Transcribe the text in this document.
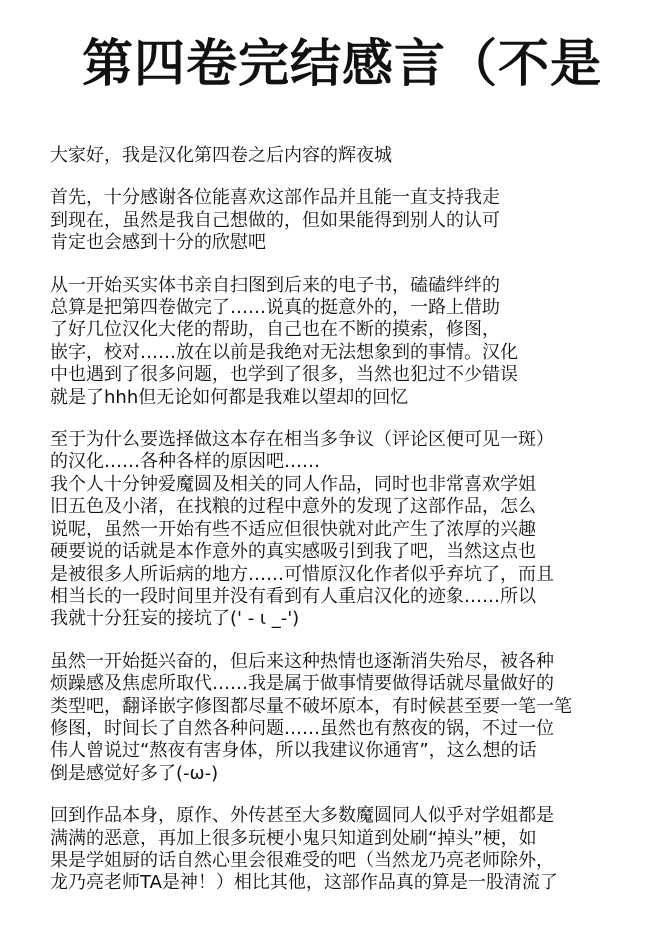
第四卷完结感言（不是
大家好，我是汉化第四卷之后内容的辉夜城
首先，十分感谢各位能喜欢这部作品并且能一直支持我走
到现在，虽然是我自己想做的，但如果能得到别人的认可
肯定也会感到十分的欣慰吧
从一开始买实体书亲自扫图到后来的电子书，磕磕绊绊的
总算是把第四卷做完了……说真的挺意外的，一路上借助
了好几位汉化大佬的帮助，自己也在不断的摸索，修图，
嵌字，校对……放在以前是我绝对无法想象到的事情。汉化
中也遇到了很多问题，也学到了很多，当然也犯过不少错误
就是了hhh但无论如何都是我难以望却的回忆
至于为什么要选择做这本存在相当多争议（评论区便可见一斑）
的汉化……各种各样的原因吧……
我个人十分钟爱魔圆及相关的同人作品，同时也非常喜欢学姐
旧五色及小渚，在找粮的过程中意外的发现了这部作品，怎么
说呢，虽然一开始有些不适应但很快就对此产生了浓厚的兴趣
硬要说的话就是本作意外的真实感吸引到我了吧，当然这点也
是被很多人所诟病的地方……可惜原汉化作者似乎弃坑了，而且
相当长的一段时间里并没有看到有人重启汉化的迹象……所以
我就十分狂妄的接坑了(' - ι _-')
虽然一开始挺兴奋的，但后来这种热情也逐渐消失殆尽，被各种
烦躁感及焦虑所取代……我是属于做事情要做得话就尽量做好的
类型吧，翻译嵌字修图都尽量不破坏原本，有时候甚至要一笔一笔
修图，时间长了自然各种问题……虽然也有熬夜的锅，不过一位
伟人曾说过“熬夜有害身体，所以我建议你通宵”，这么想的话
倒是感觉好多了(-ω-)
回到作品本身，原作、外传甚至大多数魔圆同人似乎对学姐都是
满满的恶意，再加上很多玩梗小鬼只知道到处刷“掉头”梗，如
果是学姐厨的话自然心里会很难受的吧（当然龙乃亮老师除外，
龙乃亮老师TA是神！）相比其他，这部作品真的算是一股清流了
